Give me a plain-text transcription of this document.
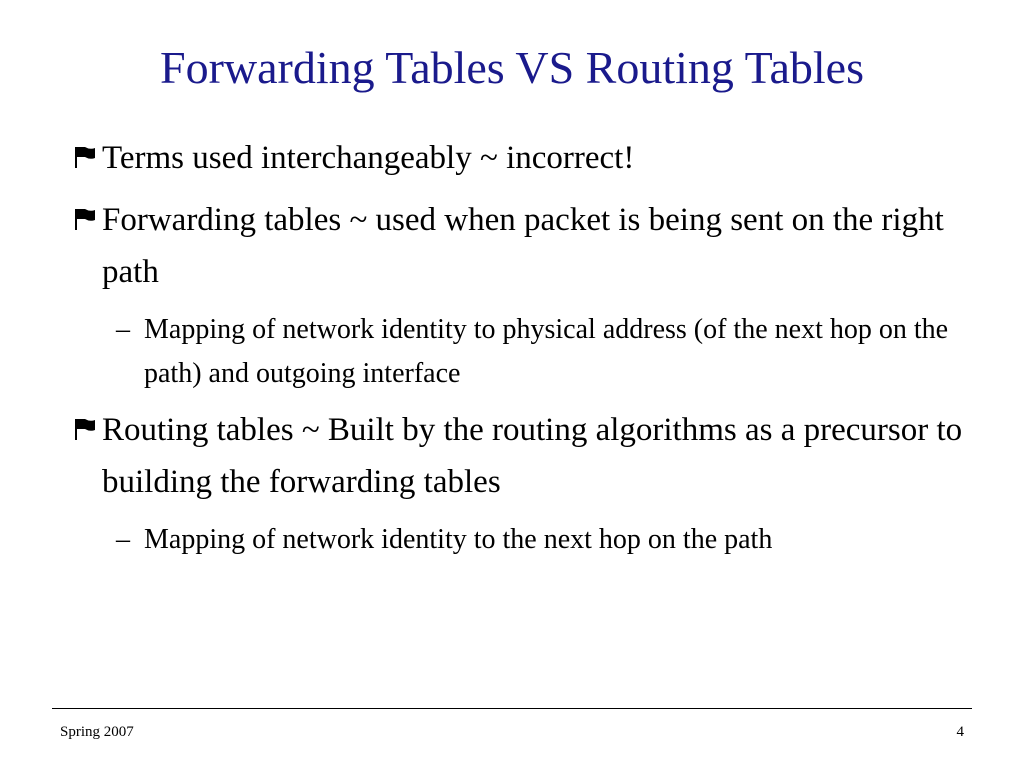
Forwarding Tables VS Routing Tables
Terms used interchangeably ~ incorrect!
Forwarding tables ~ used when packet is being sent on the right path
– Mapping of network identity to physical address (of the next hop on the path) and outgoing interface
Routing tables ~ Built by the routing algorithms as a precursor to building the forwarding tables
– Mapping of network identity to the next hop on the path
Spring 2007	4
